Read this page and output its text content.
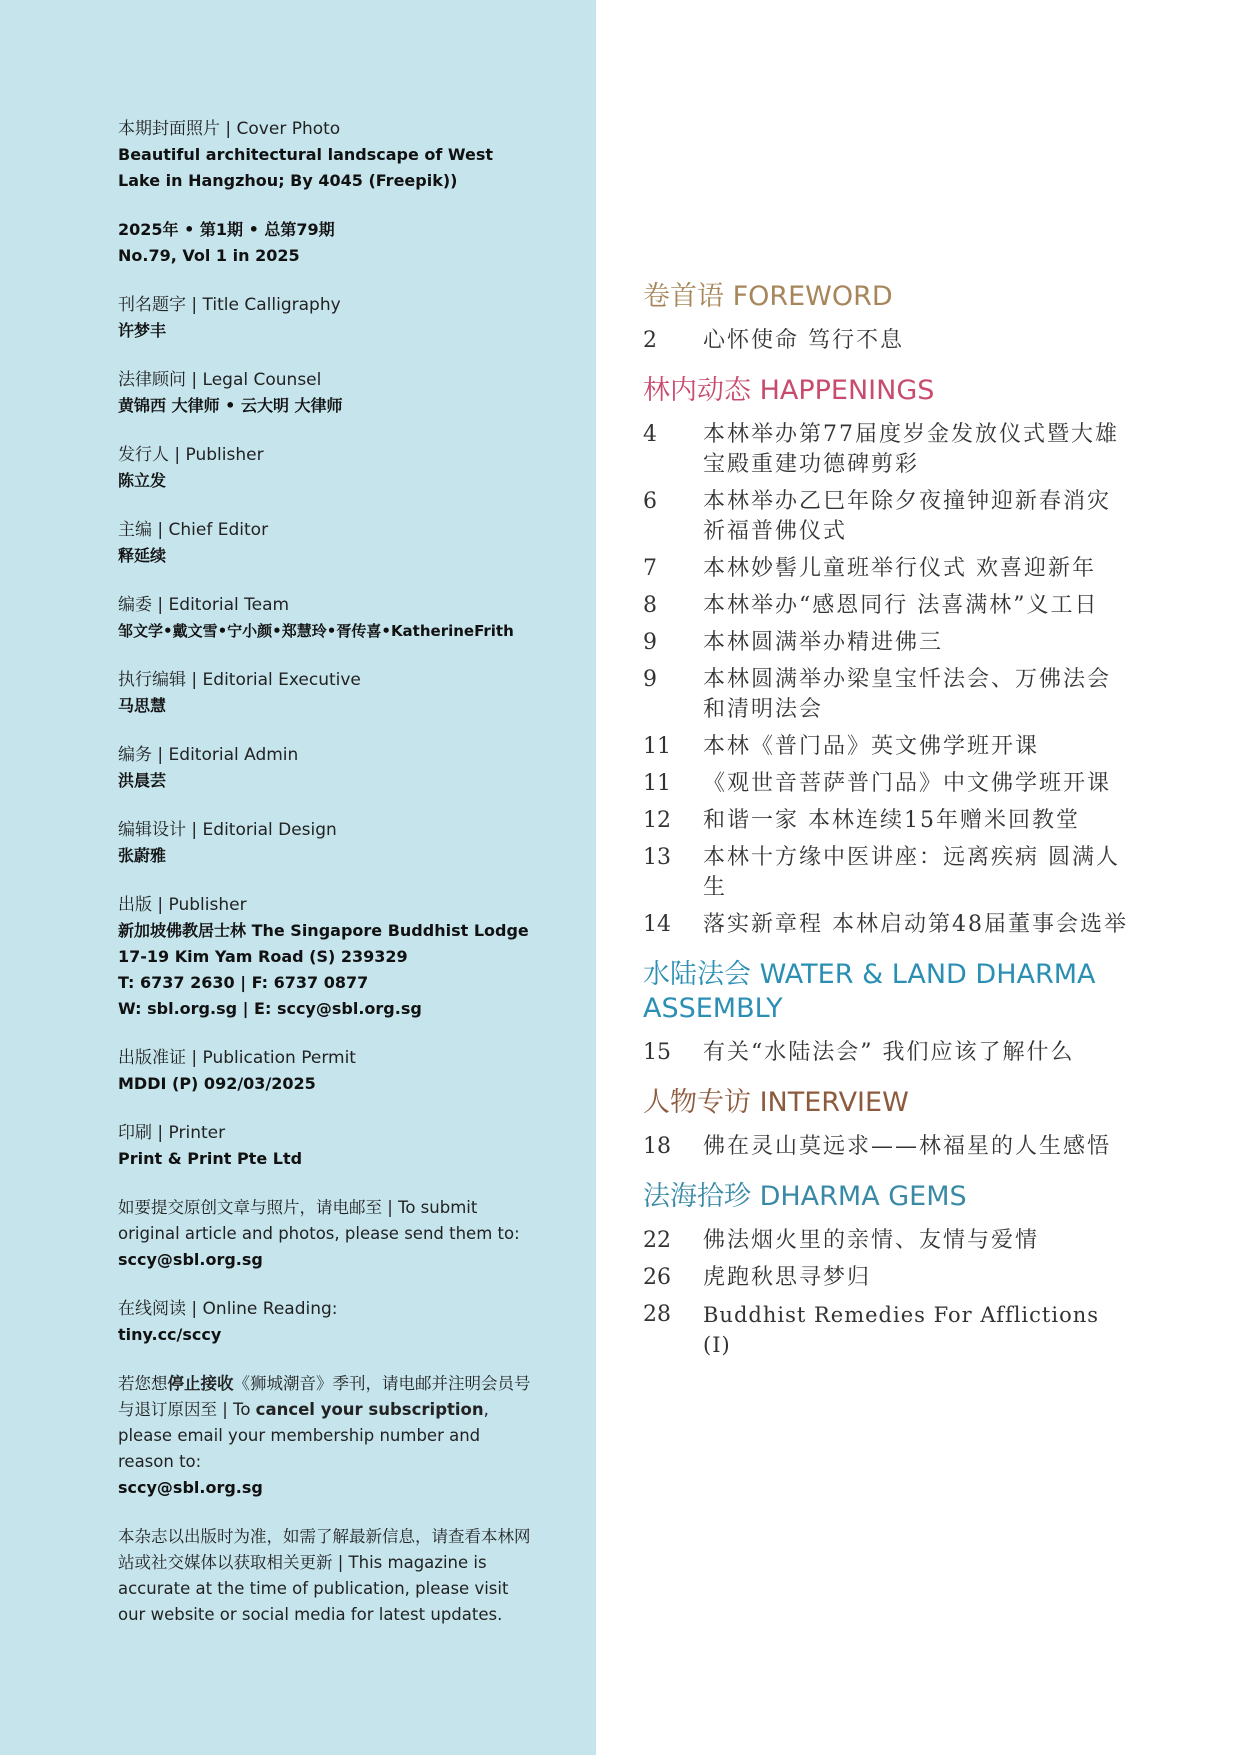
本期封面照片 | Cover Photo
Beautiful architectural landscape of West Lake in Hangzhou; By 4045 (Freepik))
2025年 • 第1期 • 总第79期
No.79, Vol 1 in 2025
刊名题字 | Title Calligraphy
许梦丰
法律顾问 | Legal Counsel
黄锦西 大律师 • 云大明 大律师
发行人 | Publisher
陈立发
主编 | Chief Editor
释延续
编委 | Editorial Team
邹文学•戴文雪•宁小颜•郑慧玲•胥传喜•KatherineFrith
执行编辑 | Editorial Executive
马思慧
编务 | Editorial Admin
洪晨芸
编辑设计 | Editorial Design
张蔚雅
出版 | Publisher
新加坡佛教居士林 The Singapore Buddhist Lodge
17-19 Kim Yam Road (S) 239329
T: 6737 2630 | F: 6737 0877
W: sbl.org.sg | E: sccy@sbl.org.sg
出版准证 | Publication Permit
MDDI (P) 092/03/2025
印刷 | Printer
Print & Print Pte Ltd
如要提交原创文章与照片，请电邮至 | To submit original article and photos, please send them to:
sccy@sbl.org.sg
在线阅读 | Online Reading:
tiny.cc/sccy
若您想停止接收《狮城潮音》季刊，请电邮并注明会员号与退订原因至 | To cancel your subscription, please email your membership number and reason to:
sccy@sbl.org.sg
本杂志以出版时为准，如需了解最新信息，请查看本林网站或社交媒体以获取相关更新 | This magazine is accurate at the time of publication, please visit our website or social media for latest updates.
卷首语 FOREWORD
2	心怀使命 笃行不息
林内动态 HAPPENINGS
4	本林举办第77届度岁金发放仪式暨大雄宝殿重建功德碑剪彩
6	本林举办乙巳年除夕夜撞钟迎新春消灾祈福普佛仪式
7	本林妙髻儿童班举行仪式 欢喜迎新年
8	本林举办“感恩同行 法喜满林”义工日
9	本林圆满举办精进佛三
9	本林圆满举办梁皇宝忏法会、万佛法会和清明法会
11	本林《普门品》英文佛学班开课
11	《观世音菩萨普门品》中文佛学班开课
12	和谐一家 本林连续15年赠米回教堂
13	本林十方缘中医讲座：远离疾病 圆满人生
14	落实新章程 本林启动第48届董事会选举
水陆法会 WATER & LAND DHARMA ASSEMBLY
15	有关“水陆法会” 我们应该了解什么
人物专访 INTERVIEW
18	佛在灵山莫远求——林福星的人生感悟
法海拾珍 DHARMA GEMS
22	佛法烟火里的亲情、友情与爱情
26	虎跑秋思寻梦归
28	Buddhist Remedies For Afflictions (I)
